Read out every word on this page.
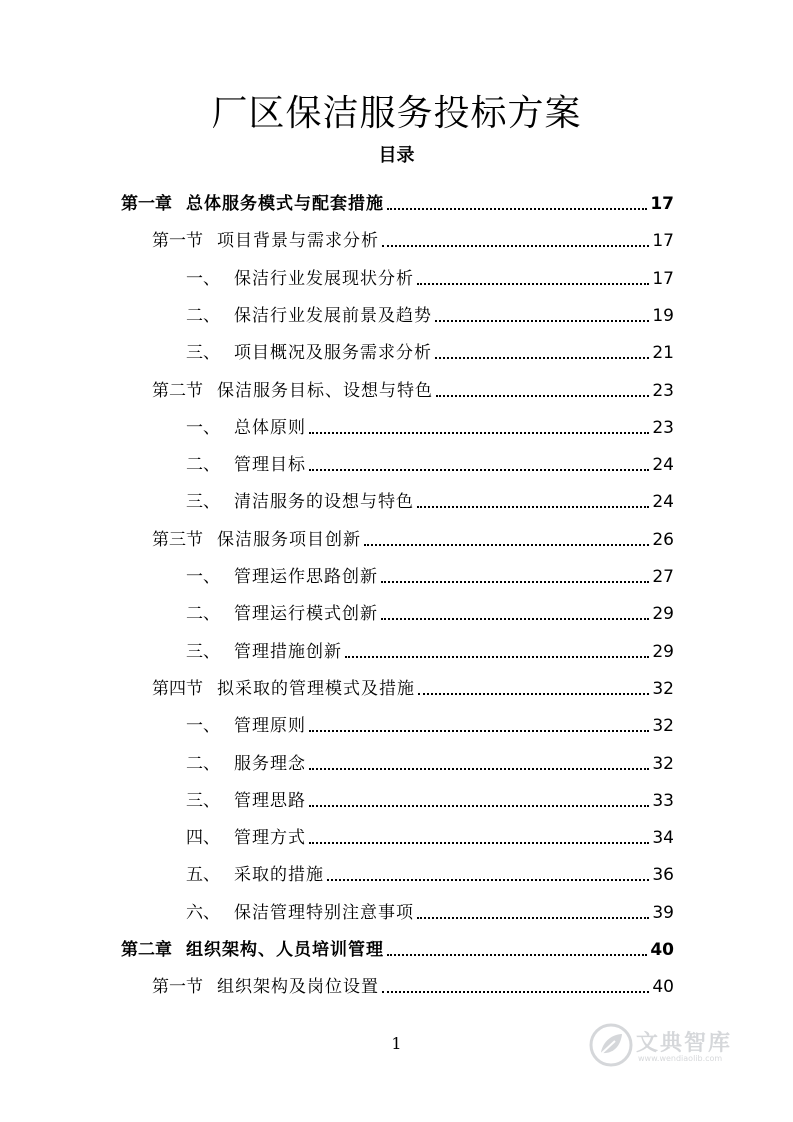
厂区保洁服务投标方案
目录
第一章 总体服务模式与配套措施	17
第一节 项目背景与需求分析	17
一、 保洁行业发展现状分析	17
二、 保洁行业发展前景及趋势	19
三、 项目概况及服务需求分析	21
第二节 保洁服务目标、设想与特色	23
一、 总体原则	23
二、 管理目标	24
三、 清洁服务的设想与特色	24
第三节 保洁服务项目创新	26
一、 管理运作思路创新	27
二、 管理运行模式创新	29
三、 管理措施创新	29
第四节 拟采取的管理模式及措施	32
一、 管理原则	32
二、 服务理念	32
三、 管理思路	33
四、 管理方式	34
五、 采取的措施	36
六、 保洁管理特别注意事项	39
第二章 组织架构、人员培训管理	40
第一节 组织架构及岗位设置	40
1	文典智库
www.wendiaolib.com
